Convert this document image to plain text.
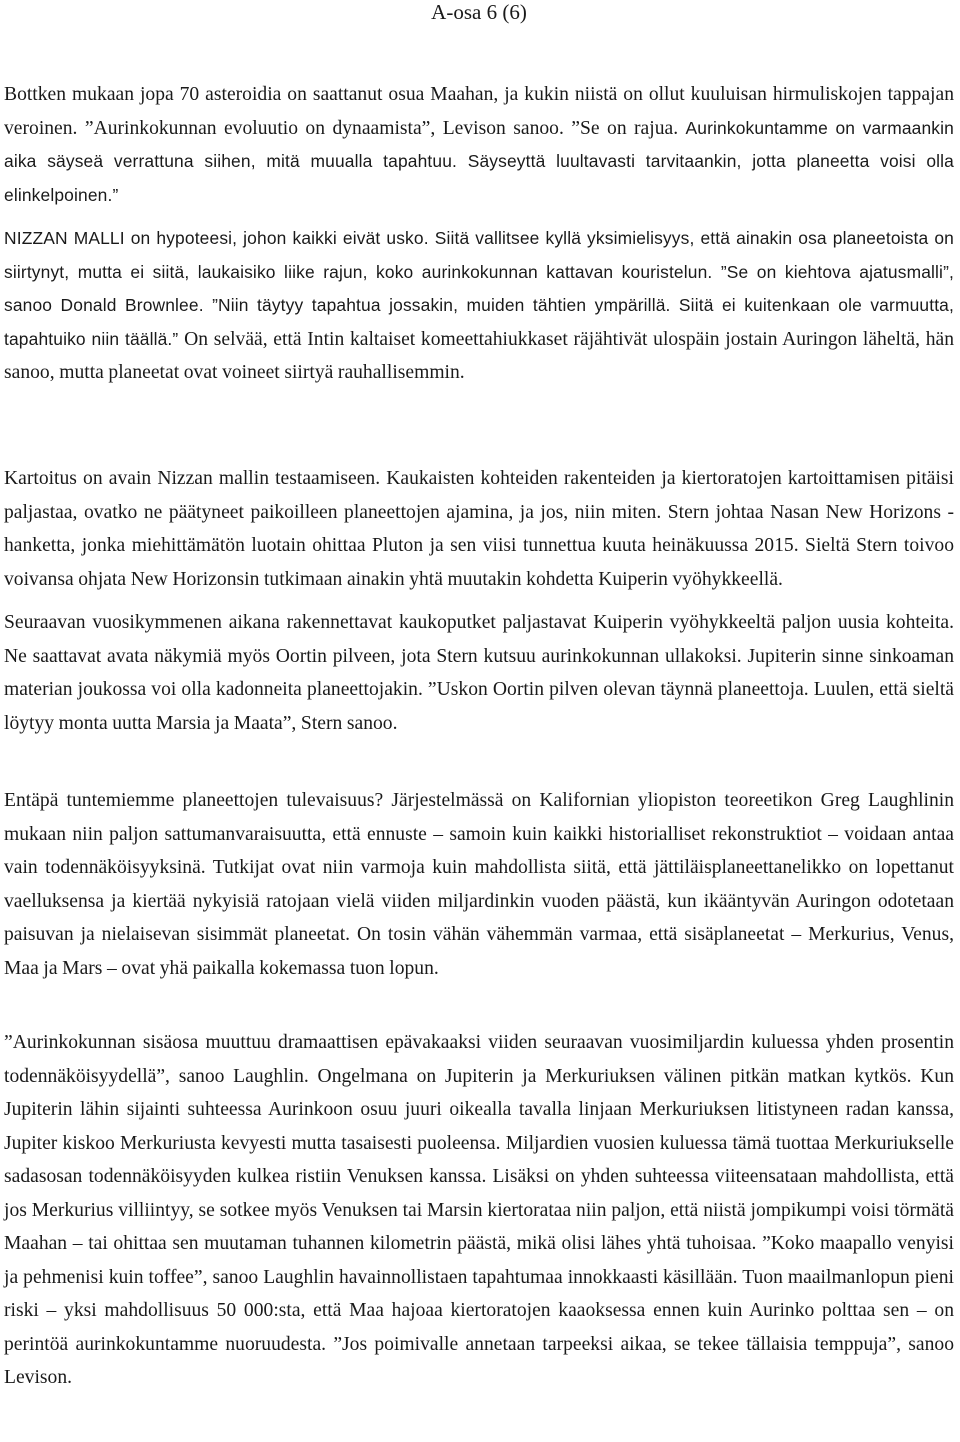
A-osa 6 (6)

Bottken mukaan jopa 70 asteroidia on saattanut osua Maahan, ja kukin niistä on ollut kuuluisan hirmuliskojen tappajan veroinen. ”Aurinkokunnan evoluutio on dynaamista”, Levison sanoo. ”Se on rajua. Aurinkokuntamme on varmaankin aika säyseä verrattuna siihen, mitä muualla tapahtuu. Säyseyttä luultavasti tarvitaankin, jotta planeetta voisi olla elinkelpoinen.”

NIZZAN MALLI on hypoteesi, johon kaikki eivät usko. Siitä vallitsee kyllä yksimielisyys, että ainakin osa planeetoista on siirtynyt, mutta ei siitä, laukaisiko liike rajun, koko aurinkokunnan kattavan kouristelun. ”Se on kiehtova ajatusmalli”, sanoo Donald Brownlee. ”Niin täytyy tapahtua jossakin, muiden tähtien ympärillä. Siitä ei kuitenkaan ole varmuutta, tapahtuiko niin täällä.” On selvää, että Intin kaltaiset komeettahiukkaset räjähtivät ulospäin jostain Auringon läheltä, hän sanoo, mutta planeetat ovat voineet siirtyä rauhallisemmin.

Kartoitus on avain Nizzan mallin testaamiseen. Kaukaisten kohteiden rakenteiden ja kiertoratojen kartoittamisen pitäisi paljastaa, ovatko ne päätyneet paikoilleen planeettojen ajamina, ja jos, niin miten. Stern johtaa Nasan New Horizons -hanketta, jonka miehittämätön luotain ohittaa Pluton ja sen viisi tunnettua kuuta heinäkuussa 2015. Sieltä Stern toivoo voivansa ohjata New Horizonsin tutkimaan ainakin yhtä muutakin kohdetta Kuiperin vyöhykkeellä.

Seuraavan vuosikymmenen aikana rakennettavat kaukoputket paljastavat Kuiperin vyöhykkeeltä paljon uusia kohteita. Ne saattavat avata näkymiä myös Oortin pilveen, jota Stern kutsuu aurinkokunnan ullakoksi. Jupiterin sinne sinkoaman materian joukossa voi olla kadonneita planeettojakin. ”Uskon Oortin pilven olevan täynnä planeettoja. Luulen, että sieltä löytyy monta uutta Marsia ja Maata”, Stern sanoo.

Entäpä tuntemiemme planeettojen tulevaisuus? Järjestelmässä on Kalifornian yliopiston teoreetikon Greg Laughlinin mukaan niin paljon sattumanvaraisuutta, että ennuste – samoin kuin kaikki historialliset rekonstruktiot – voidaan antaa vain todennäköisyyksinä. Tutkijat ovat niin varmoja kuin mahdollista siitä, että jättiläisplaneettanelikko on lopettanut vaelluksensa ja kiertää nykyisiä ratojaan vielä viiden miljardinkin vuoden päästä, kun ikääntyvän Auringon odotetaan paisuvan ja nielaisevan sisimmät planeetat. On tosin vähän vähemmän varmaa, että sisäplaneetat – Merkurius, Venus, Maa ja Mars – ovat yhä paikalla kokemassa tuon lopun.

”Aurinkokunnan sisäosa muuttuu dramaattisen epävakaaksi viiden seuraavan vuosimiljardin kuluessa yhden prosentin todennäköisyydellä”, sanoo Laughlin. Ongelmana on Jupiterin ja Merkuriuksen välinen pitkän matkan kytkös. Kun Jupiterin lähin sijainti suhteessa Aurinkoon osuu juuri oikealla tavalla linjaan Merkuriuksen litistyneen radan kanssa, Jupiter kiskoo Merkuriusta kevyesti mutta tasaisesti puoleensa. Miljardien vuosien kuluessa tämä tuottaa Merkuriukselle sadasosan todennäköisyyden kulkea ristiin Venuksen kanssa. Lisäksi on yhden suhteessa viiteensataan mahdollista, että jos Merkurius villiintyy, se sotkee myös Venuksen tai Marsin kiertorataa niin paljon, että niistä jompikumpi voisi törmätä Maahan – tai ohittaa sen muutaman tuhannen kilometrin päästä, mikä olisi lähes yhtä tuhoisaa. ”Koko maapallo venyisi ja pehmenisi kuin toffee”, sanoo Laughlin havainnollistaen tapahtumaa innokkaasti käsillään. Tuon maailmanlopun pieni riski – yksi mahdollisuus 50 000:sta, että Maa hajoaa kiertoratojen kaaoksessa ennen kuin Aurinko polttaa sen – on perintöä aurinkokuntamme nuoruudesta. ”Jos poimivalle annetaan tarpeeksi aikaa, se tekee tällaisia temppuja”, sanoo Levison.
